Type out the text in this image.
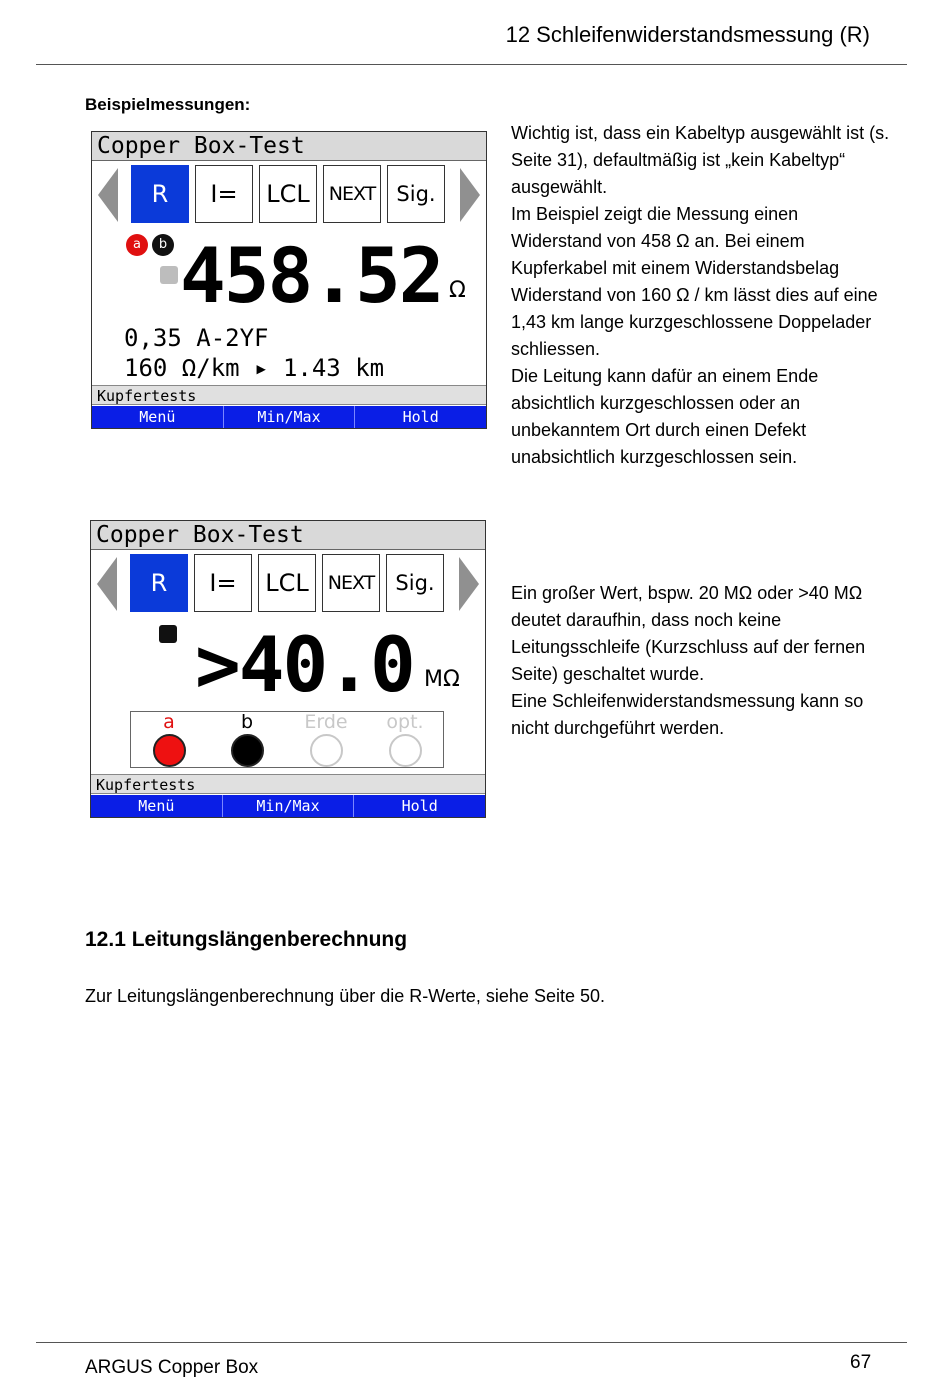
12 Schleifenwiderstandsmessung (R)
Beispielmessungen:
Copper Box-Test
R	I=	LCL NEXT	Sig.
a	b 458.52 Ω
0,35 A-2YF
160 Ω/km ▸ 1.43 km
Kupfertests
Menü	Min/Max	Hold

Wichtig ist, dass ein Kabeltyp ausgewählt ist (s. Seite 31), defaultmäßig ist „kein Kabeltyp“ ausgewählt.

Im Beispiel zeigt die Messung einen Widerstand von 458 Ω an. Bei einem Kupferkabel mit einem Widerstandsbelag Widerstand von 160 Ω / km lässt dies auf eine 1,43 km lange kurzgeschlossene Doppelader schliessen.

Die Leitung kann dafür an einem Ende absichtlich kurzgeschlossen oder an unbekanntem Ort durch einen Defekt unabsichtlich kurzgeschlossen sein.

Copper Box-Test
R	I=	LCL NEXT	Sig.
>40.0 MΩ
a	b	Erde	opt.
Kupfertests
Menü	Min/Max	Hold

Ein großer Wert, bspw. 20 MΩ oder >40 MΩ deutet daraufhin, dass noch keine Leitungsschleife (Kurzschluss auf der fernen Seite) geschaltet wurde.

Eine Schleifenwiderstandsmessung kann so nicht durchgeführt werden.

12.1 Leitungslängenberechnung
Zur Leitungslängenberechnung über die R-Werte, siehe Seite 50.
ARGUS Copper Box	67
